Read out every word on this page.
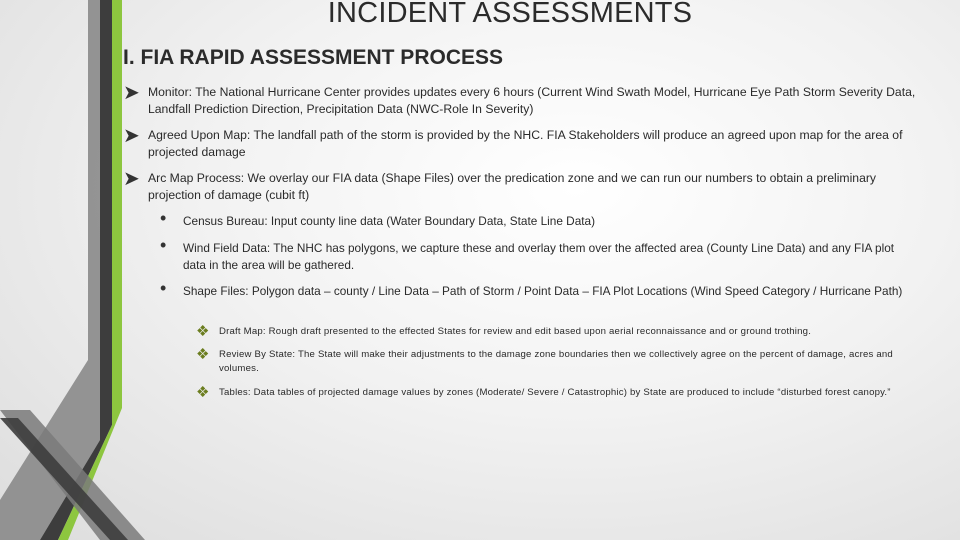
INCIDENT ASSESSMENTS
I. FIA RAPID ASSESSMENT PROCESS
➤ Monitor: The National Hurricane Center provides updates every 6 hours (Current Wind Swath Model, Hurricane Eye Path Storm Severity Data, Landfall Prediction Direction, Precipitation Data (NWC-Role In Severity)
➤ Agreed Upon Map: The landfall path of the storm is provided by the NHC. FIA Stakeholders will produce an agreed upon map for the area of projected damage
➤ Arc Map Process: We overlay our FIA data (Shape Files) over the predication zone and we can run our numbers to obtain a preliminary projection of damage (cubit ft)
• Census Bureau: Input county line data (Water Boundary Data, State Line Data)
• Wind Field Data: The NHC has polygons, we capture these and overlay them over the affected area (County Line Data) and any FIA plot data in the area will be gathered.
• Shape Files: Polygon data – county / Line Data – Path of Storm / Point Data – FIA Plot Locations (Wind Speed Category / Hurricane Path)
❖ Draft Map: Rough draft presented to the effected States for review and edit based upon aerial reconnaissance and or ground trothing.
❖ Review By State: The State will make their adjustments to the damage zone boundaries then we collectively agree on the percent of damage, acres and volumes.
❖ Tables: Data tables of projected damage values by zones (Moderate/ Severe / Catastrophic) by State are produced to include “disturbed forest canopy.”
